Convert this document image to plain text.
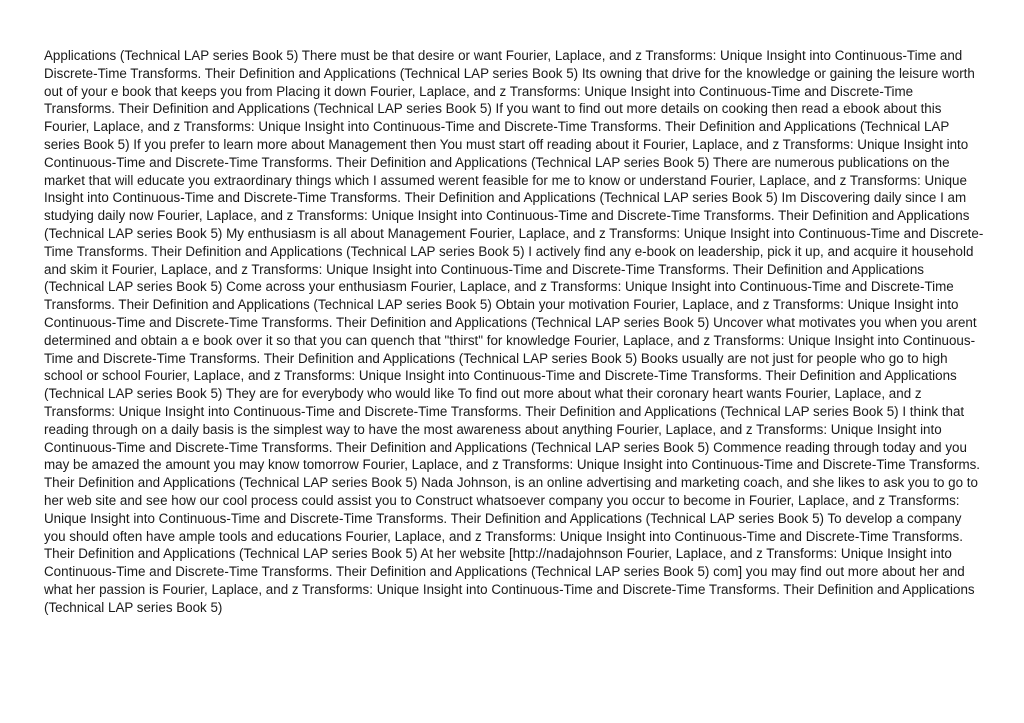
Applications (Technical LAP series Book 5) There must be that desire or want Fourier, Laplace, and z Transforms: Unique Insight into Continuous-Time and Discrete-Time Transforms. Their Definition and Applications (Technical LAP series Book 5) Its owning that drive for the knowledge or gaining the leisure worth out of your e book that keeps you from Placing it down Fourier, Laplace, and z Transforms: Unique Insight into Continuous-Time and Discrete-Time Transforms. Their Definition and Applications (Technical LAP series Book 5) If you want to find out more details on cooking then read a ebook about this Fourier, Laplace, and z Transforms: Unique Insight into Continuous-Time and Discrete-Time Transforms. Their Definition and Applications (Technical LAP series Book 5) If you prefer to learn more about Management then You must start off reading about it Fourier, Laplace, and z Transforms: Unique Insight into Continuous-Time and Discrete-Time Transforms. Their Definition and Applications (Technical LAP series Book 5) There are numerous publications on the market that will educate you extraordinary things which I assumed werent feasible for me to know or understand Fourier, Laplace, and z Transforms: Unique Insight into Continuous-Time and Discrete-Time Transforms. Their Definition and Applications (Technical LAP series Book 5) Im Discovering daily since I am studying daily now Fourier, Laplace, and z Transforms: Unique Insight into Continuous-Time and Discrete-Time Transforms. Their Definition and Applications (Technical LAP series Book 5) My enthusiasm is all about Management Fourier, Laplace, and z Transforms: Unique Insight into Continuous-Time and Discrete-Time Transforms. Their Definition and Applications (Technical LAP series Book 5) I actively find any e-book on leadership, pick it up, and acquire it household and skim it Fourier, Laplace, and z Transforms: Unique Insight into Continuous-Time and Discrete-Time Transforms. Their Definition and Applications (Technical LAP series Book 5) Come across your enthusiasm Fourier, Laplace, and z Transforms: Unique Insight into Continuous-Time and Discrete-Time Transforms. Their Definition and Applications (Technical LAP series Book 5) Obtain your motivation Fourier, Laplace, and z Transforms: Unique Insight into Continuous-Time and Discrete-Time Transforms. Their Definition and Applications (Technical LAP series Book 5) Uncover what motivates you when you arent determined and obtain a e book over it so that you can quench that "thirst" for knowledge Fourier, Laplace, and z Transforms: Unique Insight into Continuous-Time and Discrete-Time Transforms. Their Definition and Applications (Technical LAP series Book 5) Books usually are not just for people who go to high school or school Fourier, Laplace, and z Transforms: Unique Insight into Continuous-Time and Discrete-Time Transforms. Their Definition and Applications (Technical LAP series Book 5) They are for everybody who would like To find out more about what their coronary heart wants Fourier, Laplace, and z Transforms: Unique Insight into Continuous-Time and Discrete-Time Transforms. Their Definition and Applications (Technical LAP series Book 5) I think that reading through on a daily basis is the simplest way to have the most awareness about anything Fourier, Laplace, and z Transforms: Unique Insight into Continuous-Time and Discrete-Time Transforms. Their Definition and Applications (Technical LAP series Book 5) Commence reading through today and you may be amazed the amount you may know tomorrow Fourier, Laplace, and z Transforms: Unique Insight into Continuous-Time and Discrete-Time Transforms. Their Definition and Applications (Technical LAP series Book 5) Nada Johnson, is an online advertising and marketing coach, and she likes to ask you to go to her web site and see how our cool process could assist you to Construct whatsoever company you occur to become in Fourier, Laplace, and z Transforms: Unique Insight into Continuous-Time and Discrete-Time Transforms. Their Definition and Applications (Technical LAP series Book 5) To develop a company you should often have ample tools and educations Fourier, Laplace, and z Transforms: Unique Insight into Continuous-Time and Discrete-Time Transforms. Their Definition and Applications (Technical LAP series Book 5) At her website [http://nadajohnson Fourier, Laplace, and z Transforms: Unique Insight into Continuous-Time and Discrete-Time Transforms. Their Definition and Applications (Technical LAP series Book 5) com] you may find out more about her and what her passion is Fourier, Laplace, and z Transforms: Unique Insight into Continuous-Time and Discrete-Time Transforms. Their Definition and Applications (Technical LAP series Book 5)
